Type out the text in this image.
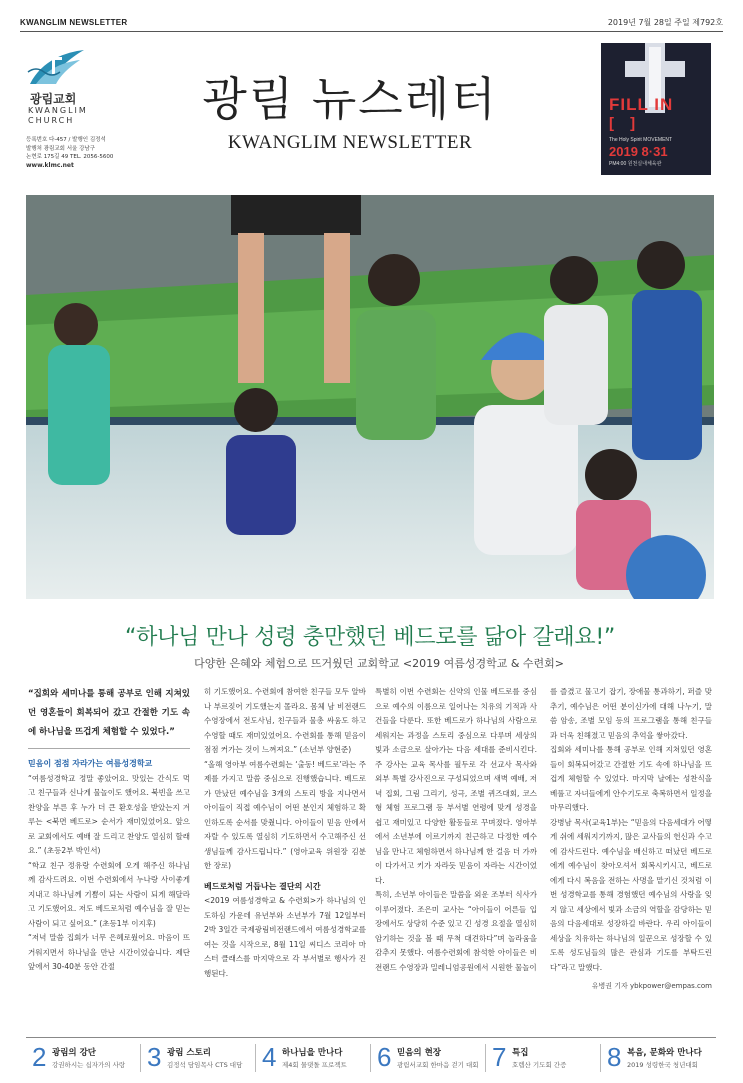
KWANGLIM NEWSLETTER	2019년 7월 28일 주일 제792호
광림교회
KWANGLIM
CHURCH
등록번호 다-457 / 발행인 김정석
발행처 광림교회 서울 강남구
논현로 175길 49 TEL. 2056-5600
www.klmc.net
광림 뉴스레터
KWANGLIM NEWSLETTER
FILL IN
[ ]
The Holy Spirit MOVEMENT
2019 8·31
PM4:00 원천실내체육관
“하나님 만나 성령 충만했던 베드로를 닮아 갈래요!”
다양한 은혜와 체험으로 뜨거웠던 교회학교 <2019 여름성경학교 & 수련회>

“집회와 세미나를 통해 공부로 인해 지쳐있던 영혼들이 회복되어 갔고 간절한 기도 속에 하나님을 뜨겁게 체험할 수 있었다.”

믿음이 점점 자라가는 여름성경학교

“여름성경학교 정말 좋았어요. 맛있는 간식도 먹고 친구들과 신나게 물놀이도 했어요. 북빈을 쓰고 찬양을 부른 후 누가 더 큰 환호성을 받았는지 겨루는 <북면 베드로> 순서가 재미있었어요. 앞으로 교회에서도 예배 잘 드리고 찬양도 열심히 할래요.” (초등2부 박인서)

“학교 친구 정유랑 수련회에 오게 해주신 하나님께 감사드려요. 이번 수련회에서 누나랑 사이좋게 지내고 하나님께 기쁨이 되는 사람이 되게 해달라고 기도했어요. 저도 베드로처럼 예수님을 잘 믿는 사람이 되고 싶어요.” (초등1부 이지후)

“저녁 말씀 집회가 너무 은혜로웠어요. 마음이 뜨거워지면서 하나님을 만난 시간이었습니다. 제단 앞에서 30-40분 동안 간절

히 기도했어요. 수련회에 참여한 친구들 모두 알바나 부르짖어 기도했는지 몰라요. 몸체 남 비전랜드 수영장에서 전도사님, 친구들과 물총 싸움도 하고 수영할 때도 재미있었어요. 수련회를 통해 믿음이 점점 커가는 것이 느껴져요.” (소년부 양현준)

“올해 영아부 여름수련회는 ‘출동! 베드로’라는 주제를 가지고 말씀 중심으로 진행했습니다. 베드로가 만났던 예수님을 3개의 스토리 방을 지나면서 아이들이 직접 예수님이 어떤 분인지 체험하고 확인하도록 순서를 맞췄니다. 아이들이 믿음 안에서 자랄 수 있도록 열심히 기도하면서 수고해주신 선생님들께 감사드립니다.” (영아교육 위원장 김분한 장로)

베드로처럼 거듭나는 결단의 시간

<2019 여름성경학교 & 수련회>가 하나님의 인도하심 가운데 유년부와 소년부가 7월 12일부터 2박 3일간 국제광림비전랜드에서 여름성경학교를 여는 것을 시작으로, 8월 11일 씨디스 코리아 마스터 클래스를 마지막으로 각 부서별로 행사가 진행된다.

특별히 이번 수련회는 신약의 인물 베드로를 중심으로 예수의 이름으로 일어나는 치유의 기적과 사건들을 다룬다. 또한 베드로가 하나님의 사람으로 세워지는 과정을 스토리 중심으로 다루며 세상의 빛과 소금으로 살아가는 다음 세대를 준비시킨다. 주 강사는 교육 목사를 필두로 각 선교사 목사와 외부 특별 강사진으로 구성되었으며 새벽 예배, 저녁 집회, 그림 그리기, 성극, 조별 퀴즈대회, 코스형 체험 프로그램 등 부서별 연령에 맞게 성경을 쉽고 재미있고 다양한 활동들로 꾸며졌다. 영아부에서 소년부에 이르기까지 친근하고 다정한 예수님을 만나고 체험하면서 하나님께 한 걸음 더 가까이 다가서고 키가 자라듯 믿음이 자라는 시간이었다.

특히, 소년부 아이들은 말씀을 외운 조부터 식사가 이루어졌다. 조은미 교사는 “아이들이 어른들 입장에서도 상당히 수준 있고 긴 성경 요절을 열심히 암기하는 것을 볼 때 무척 대견하다”며 놀라움을 감추지 못했다. 여름수련회에 참석한 아이들은 비전랜드 수영장과 밀레니엄공원에서 시원한 물놀이

를 즐겼고 물고기 잡기, 장애물 통과하기, 퍼즐 맞추기, 예수님은 어떤 분이신가에 대해 나누기, 말씀 암송, 조별 모임 등의 프로그램을 통해 친구들과 더욱 친해졌고 믿음의 추억을 쌓아갔다.

집회와 세미나를 통해 공부로 인해 지쳐있던 영혼들이 회복되어갔고 간절한 기도 속에 하나님을 뜨겁게 체험할 수 있었다. 마지막 날에는 성찬식을 베풀고 자녀들에게 안수기도로 축복하면서 일정을 마무리했다.

강병남 목사(교육1부)는 “믿음의 다음세대가 어떻게 쉬에 세워지기까지, 많은 교사들의 헌신과 수고에 감사드린다. 예수님을 배신하고 떠났던 베드로에게 예수님이 찾아오셔서 회복시키시고, 베드로에게 다시 복음을 전하는 사명을 맡기신 것처럼 이번 성경학교를 통해 경험했던 예수님의 사랑을 잊지 않고 세상에서 빛과 소금의 역할을 감당하는 믿음의 다음세대로 성장하길 바란다. 우리 아이들이 세상을 치유하는 하나님의 일꾼으로 성장할 수 있도록 성도님들의 많은 관심과 기도를 부탁드린다”라고 말했다.

유병권 기자 ybkpower@empas.com

2 광림의 강단
강권하시는 십자가의 사랑 3 광림 스토리
김정석 담임목사 CTS 대담 4 하나님을 만나다
제4회 물댓돌 프로젝트 6 믿음의 현장
광림서교회 한마음 걷기 대회 7 특집
호렙산 기도회 간증 8 복음, 문화와 만나다
2019 성령한국 청년대회
